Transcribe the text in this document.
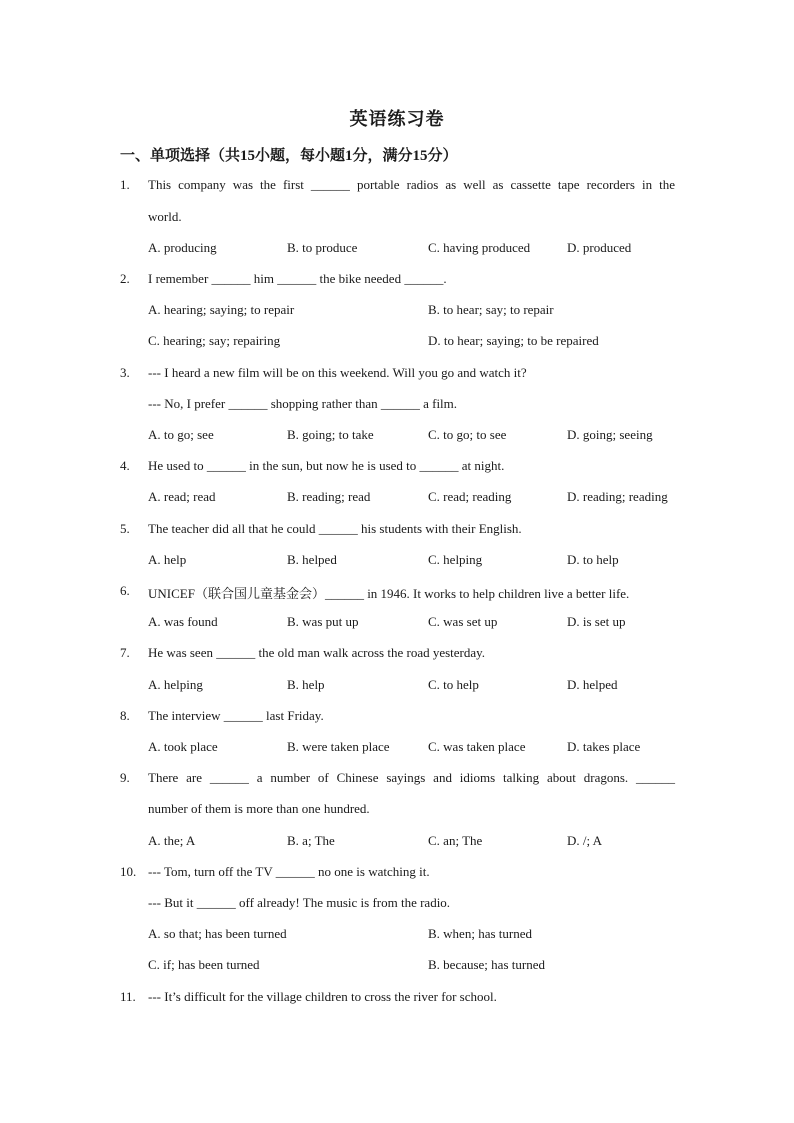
英语练习卷
一、单项选择（共15小题，每小题1分，满分15分）
1. This company was the first ______ portable radios as well as cassette tape recorders in the
world.
A. producing	B. to produce	C. having produced	D. produced
2. I remember ______ him ______ the bike needed ______.
A. hearing; saying; to repair	B. to hear; say; to repair
C. hearing; say; repairing	D. to hear; saying; to be repaired
3. --- I heard a new film will be on this weekend. Will you go and watch it?
--- No, I prefer ______ shopping rather than ______ a film.
A. to go; see	B. going; to take	C. to go; to see	D. going; seeing
4. He used to ______ in the sun, but now he is used to ______ at night.
A. read; read	B. reading; read	C. read; reading	D. reading; reading
5. The teacher did all that he could ______ his students with their English.
A. help	B. helped	C. helping	D. to help
6. UNICEF（联合国儿童基金会）______ in 1946. It works to help children live a better life.
A. was found	B. was put up	C. was set up	D. is set up
7. He was seen ______ the old man walk across the road yesterday.
A. helping	B. help	C. to help	D. helped
8. The interview ______ last Friday.
A. took place	B. were taken place	C. was taken place	D. takes place
9. There are ______ a number of Chinese sayings and idioms talking about dragons. ______
number of them is more than one hundred.
A. the; A	B. a; The	C. an; The	D. /; A
10. --- Tom, turn off the TV ______ no one is watching it.
--- But it ______ off already! The music is from the radio.
A. so that; has been turned	B. when; has turned
C. if; has been turned	B. because; has turned
11. --- It’s difficult for the village children to cross the river for school.
